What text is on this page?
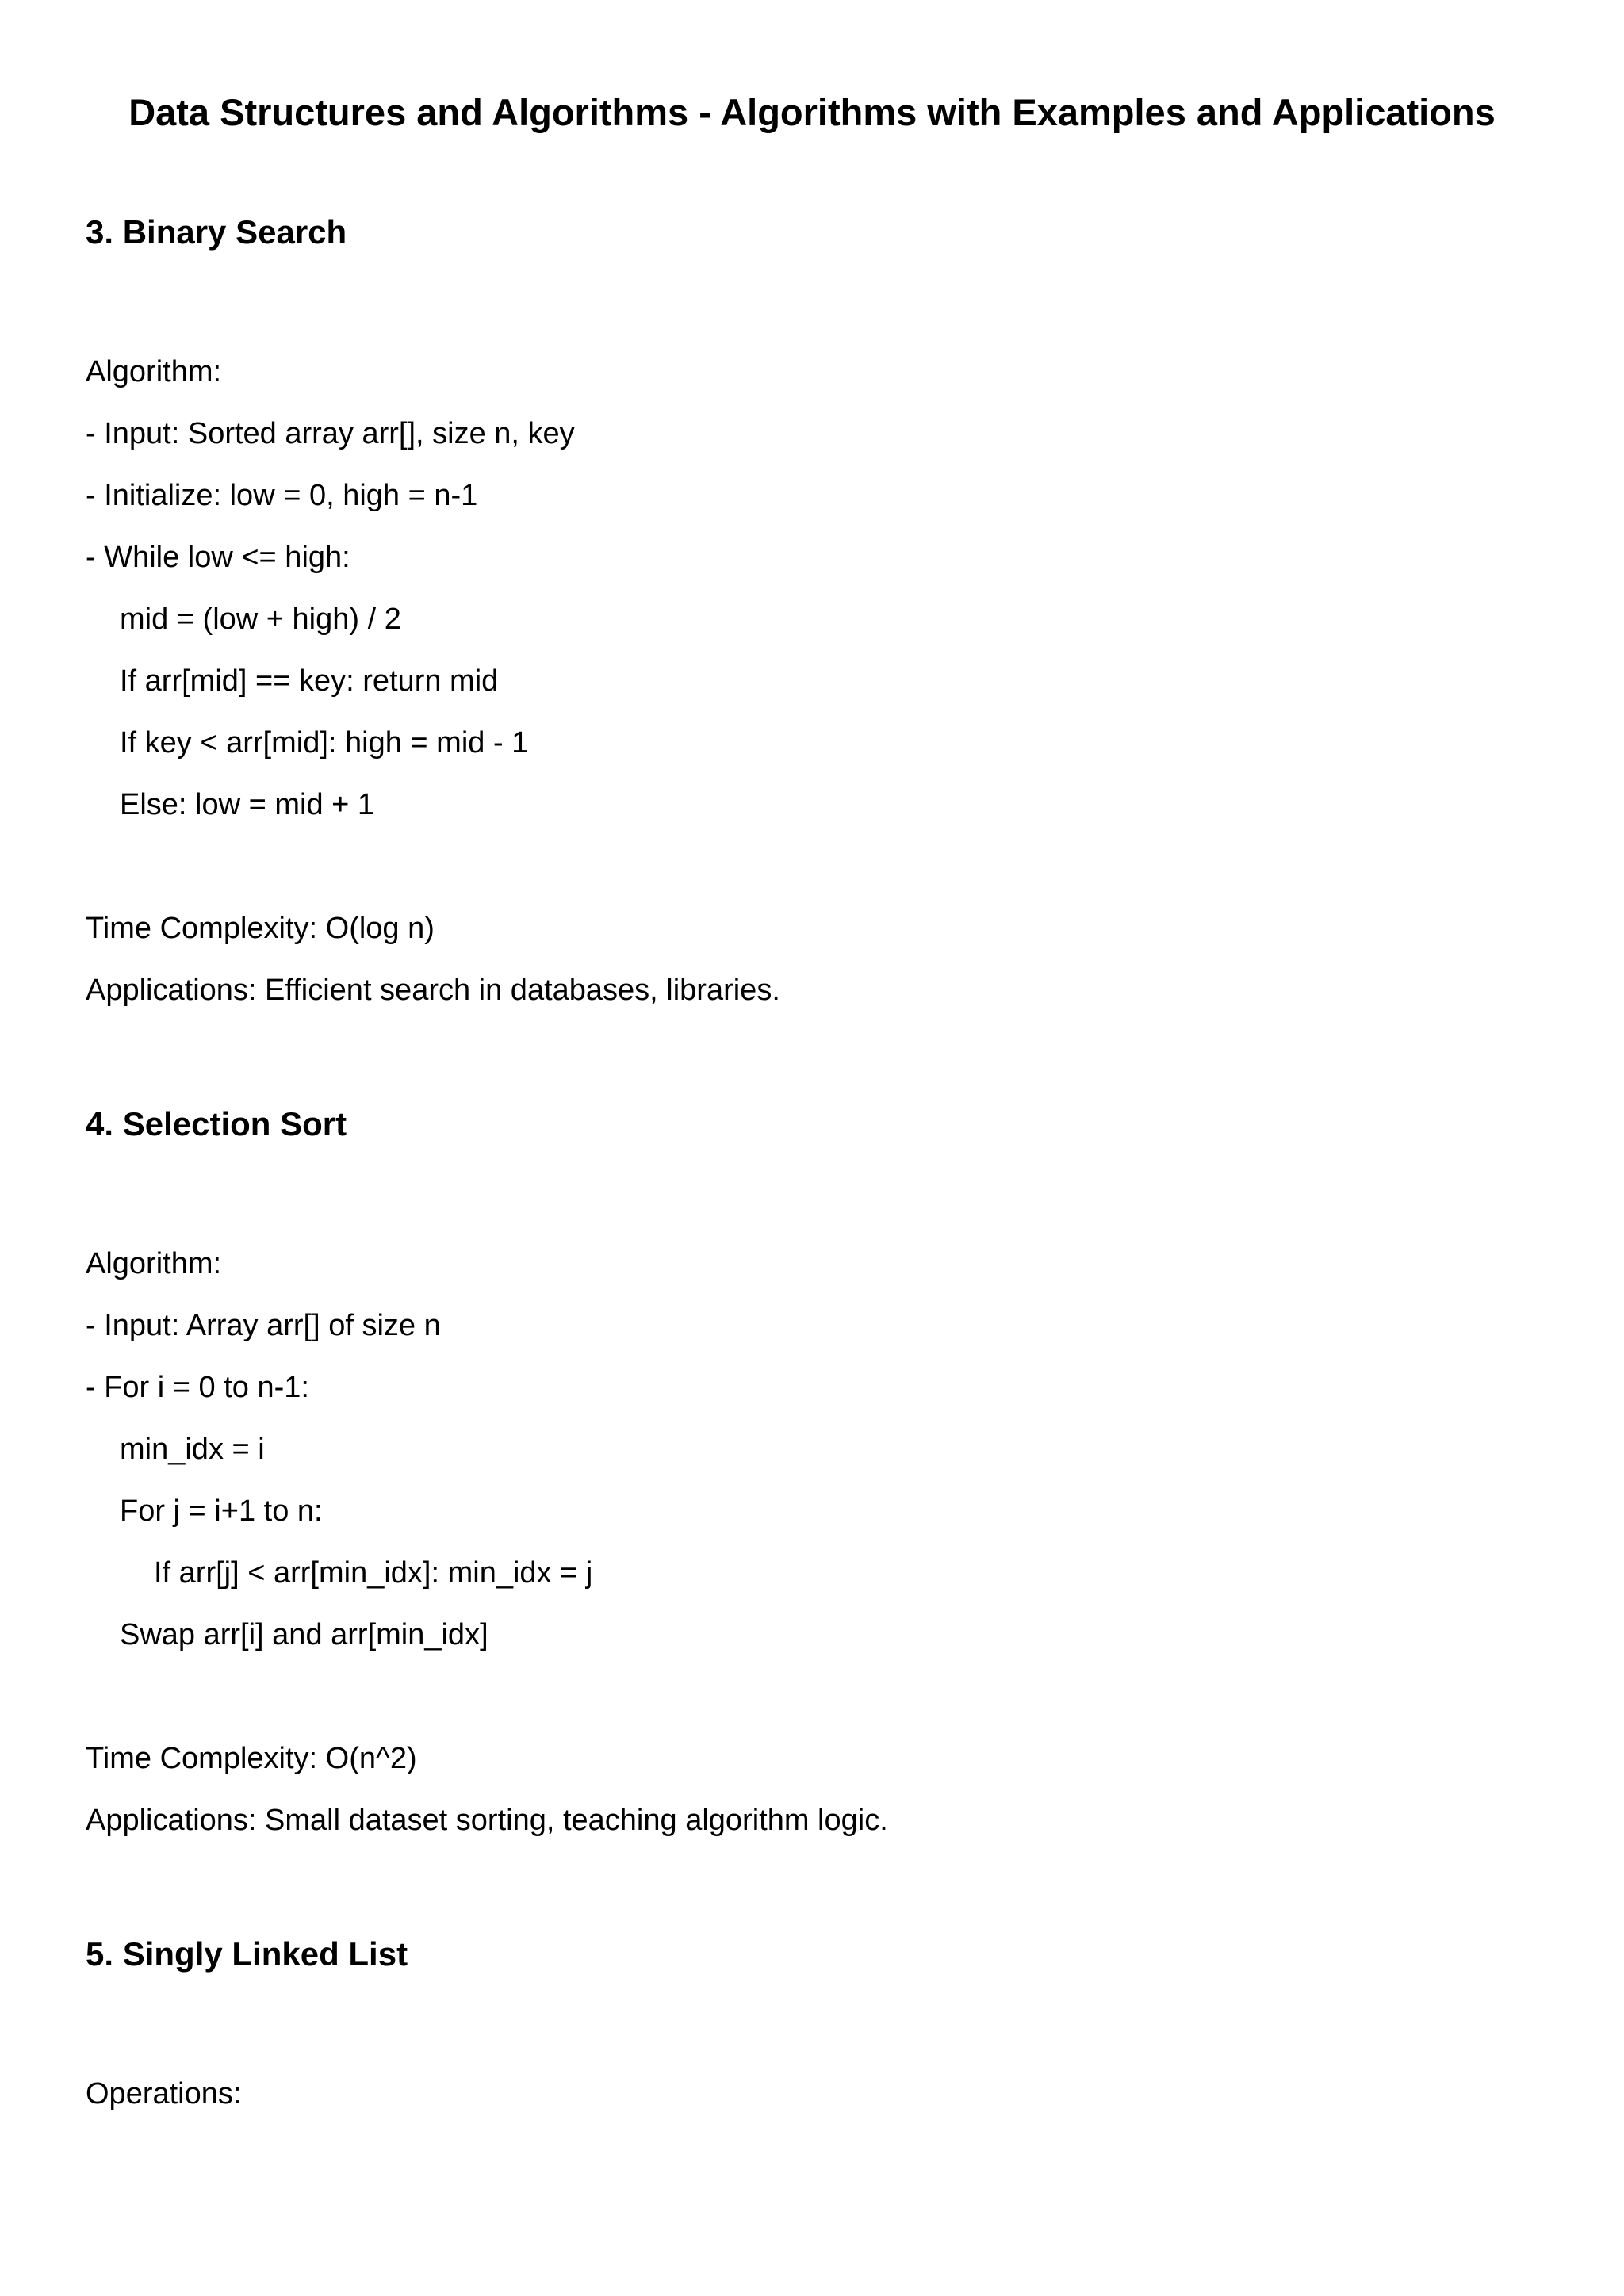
Data Structures and Algorithms - Algorithms with Examples and Applications
3. Binary Search
Algorithm:
- Input: Sorted array arr[], size n, key
- Initialize: low = 0, high = n-1
- While low <= high:
mid = (low + high) / 2
If arr[mid] == key: return mid
If key < arr[mid]: high = mid - 1
Else: low = mid + 1
Time Complexity: O(log n)
Applications: Efficient search in databases, libraries.
4. Selection Sort
Algorithm:
- Input: Array arr[] of size n
- For i = 0 to n-1:
min_idx = i
For j = i+1 to n:
If arr[j] < arr[min_idx]: min_idx = j
Swap arr[i] and arr[min_idx]
Time Complexity: O(n^2)
Applications: Small dataset sorting, teaching algorithm logic.
5. Singly Linked List
Operations:
